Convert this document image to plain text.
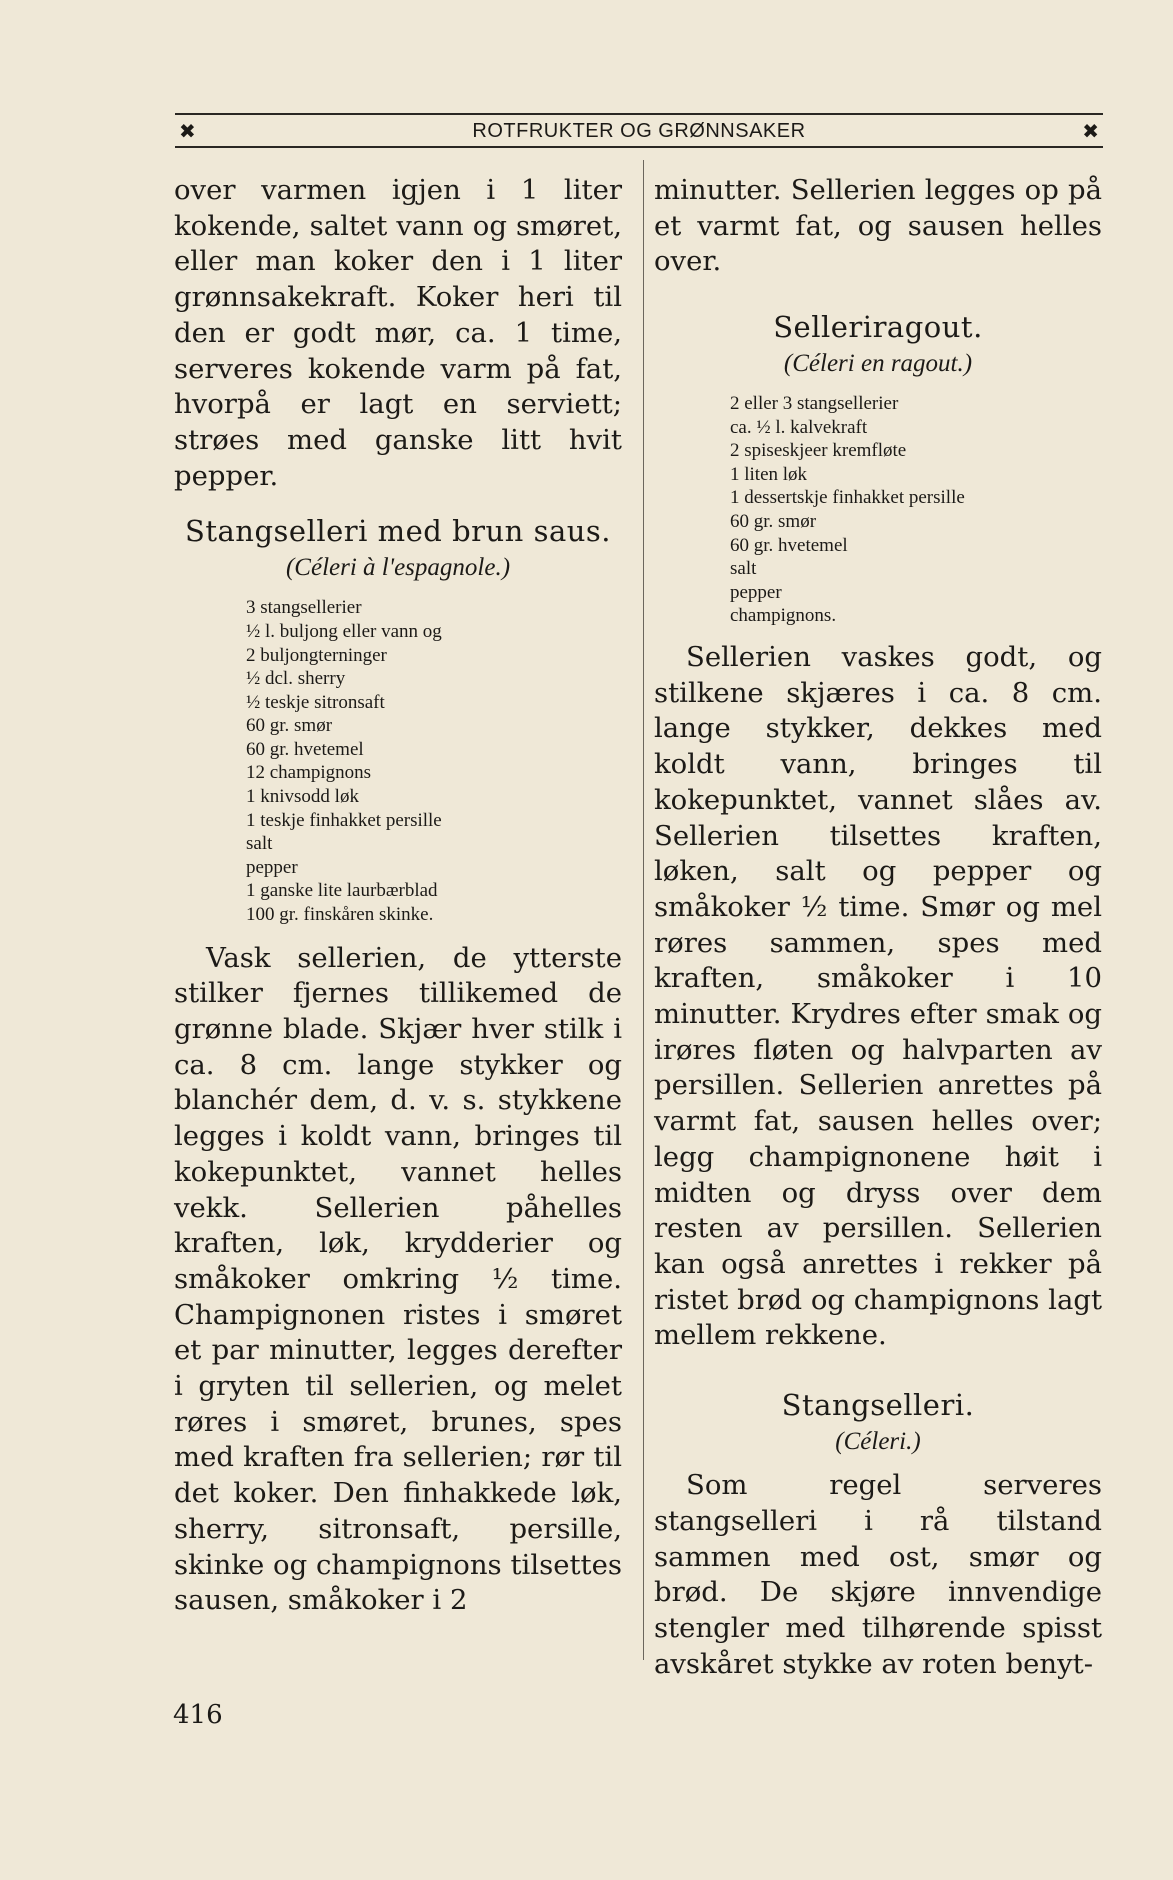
✖	ROTFRUKTER OG GRØNNSAKER	✖

over varmen igjen i 1 liter kokende, saltet vann og smøret, eller man koker den i 1 liter grønnsakekraft. Koker heri til den er godt mør, ca. 1 time, serveres kokende varm på fat, hvorpå er lagt en serviett; strøes med ganske litt hvit pepper.

Stangselleri med brun saus.
(Céleri à l'espagnole.)
3 stangsellerier
½ l. buljong eller vann og
2 buljongterninger
½ dcl. sherry
½ teskje sitronsaft
60 gr. smør
60 gr. hvetemel
12 champignons
1 knivsodd løk
1 teskje finhakket persille
salt
pepper
1 ganske lite laurbærblad
100 gr. finskåren skinke.

Vask sellerien, de ytterste stilker fjernes tillikemed de grønne blade. Skjær hver stilk i ca. 8 cm. lange stykker og blanchér dem, d. v. s. stykkene legges i koldt vann, bringes til kokepunktet, vannet helles vekk. Sellerien påhelles kraften, løk, krydderier og småkoker omkring ½ time. Champignonen ristes i smøret et par minutter, legges derefter i gryten til sellerien, og melet røres i smøret, brunes, spes med kraften fra sellerien; rør til det koker. Den finhakkede løk, sherry, sitronsaft, persille, skinke og champignons tilsettes sausen, småkoker i 2

minutter. Sellerien legges op på et varmt fat, og sausen helles over.

Selleriragout.
(Céleri en ragout.)
2 eller 3 stangsellerier
ca. ½ l. kalvekraft
2 spiseskjeer kremfløte
1 liten løk
1 dessertskje finhakket persille
60 gr. smør
60 gr. hvetemel
salt
pepper
champignons.

Sellerien vaskes godt, og stilkene skjæres i ca. 8 cm. lange stykker, dekkes med koldt vann, bringes til kokepunktet, vannet slåes av. Sellerien tilsettes kraften, løken, salt og pepper og småkoker ½ time. Smør og mel røres sammen, spes med kraften, småkoker i 10 minutter. Krydres efter smak og irøres fløten og halvparten av persillen. Sellerien anrettes på varmt fat, sausen helles over; legg champignonene høit i midten og dryss over dem resten av persillen. Sellerien kan også anrettes i rekker på ristet brød og champignons lagt mellem rekkene.

Stangselleri.
(Céleri.)

Som regel serveres stangselleri i rå tilstand sammen med ost, smør og brød. De skjøre innvendige stengler med tilhørende spisst avskåret stykke av roten benyt-

416
